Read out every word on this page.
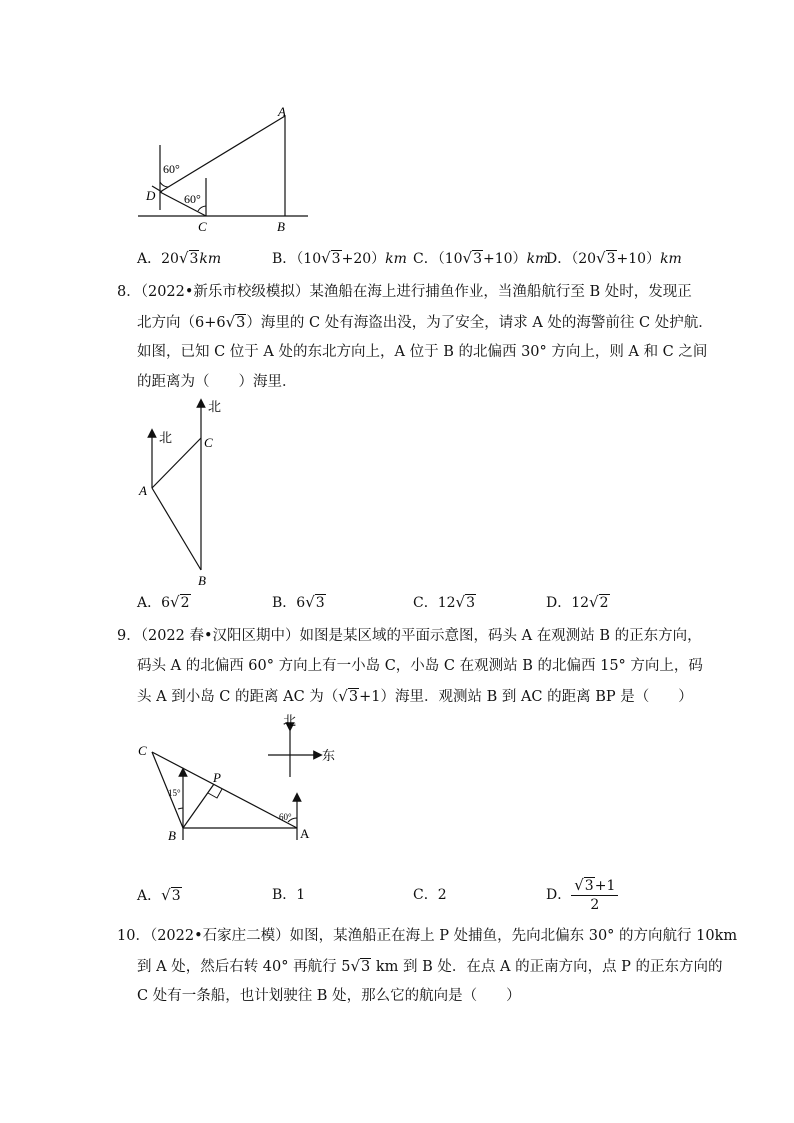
A
B
C
D
60°
60°
A．20√3km	B．（10√3+20）km C．（10√3+10）km
D．（20√3+10）km
8．（2022•新乐市校级模拟）某渔船在海上进行捕鱼作业，当渔船航行至 B 处时，发现正
北方向（6+6√3）海里的 C 处有海盗出没，为了安全，请求 A 处的海警前往 C 处护航．
如图，已知 C 位于 A 处的东北方向上，A 位于 B 的北偏西 30° 方向上，则 A 和 C 之间
的距离为（　　）海里．
北
北 C
A
B
A．6√2	B．6√3	C．12√3	D．12√2
9．（2022 春•汉阳区期中）如图是某区域的平面示意图，码头 A 在观测站 B 的正东方向，
码头 A 的北偏西 60° 方向上有一小岛 C，小岛 C 在观测站 B 的北偏西 15° 方向上，码
头 A 到小岛 C 的距离 AC 为（√3+1）海里．观测站 B 到 AC 的距离 BP 是（　　）
北
东
C
P
B	A
15°
60°
A．√3	B．1	C．2	D． $\frac{√3+1}{2}$
10．（2022•石家庄二模）如图，某渔船正在海上 P 处捕鱼，先向北偏东 30° 的方向航行 10km
到 A 处，然后右转 40° 再航行 5√3 km 到 B 处．在点 A 的正南方向，点 P 的正东方向的
C 处有一条船，也计划驶往 B 处，那么它的航向是（　　）
